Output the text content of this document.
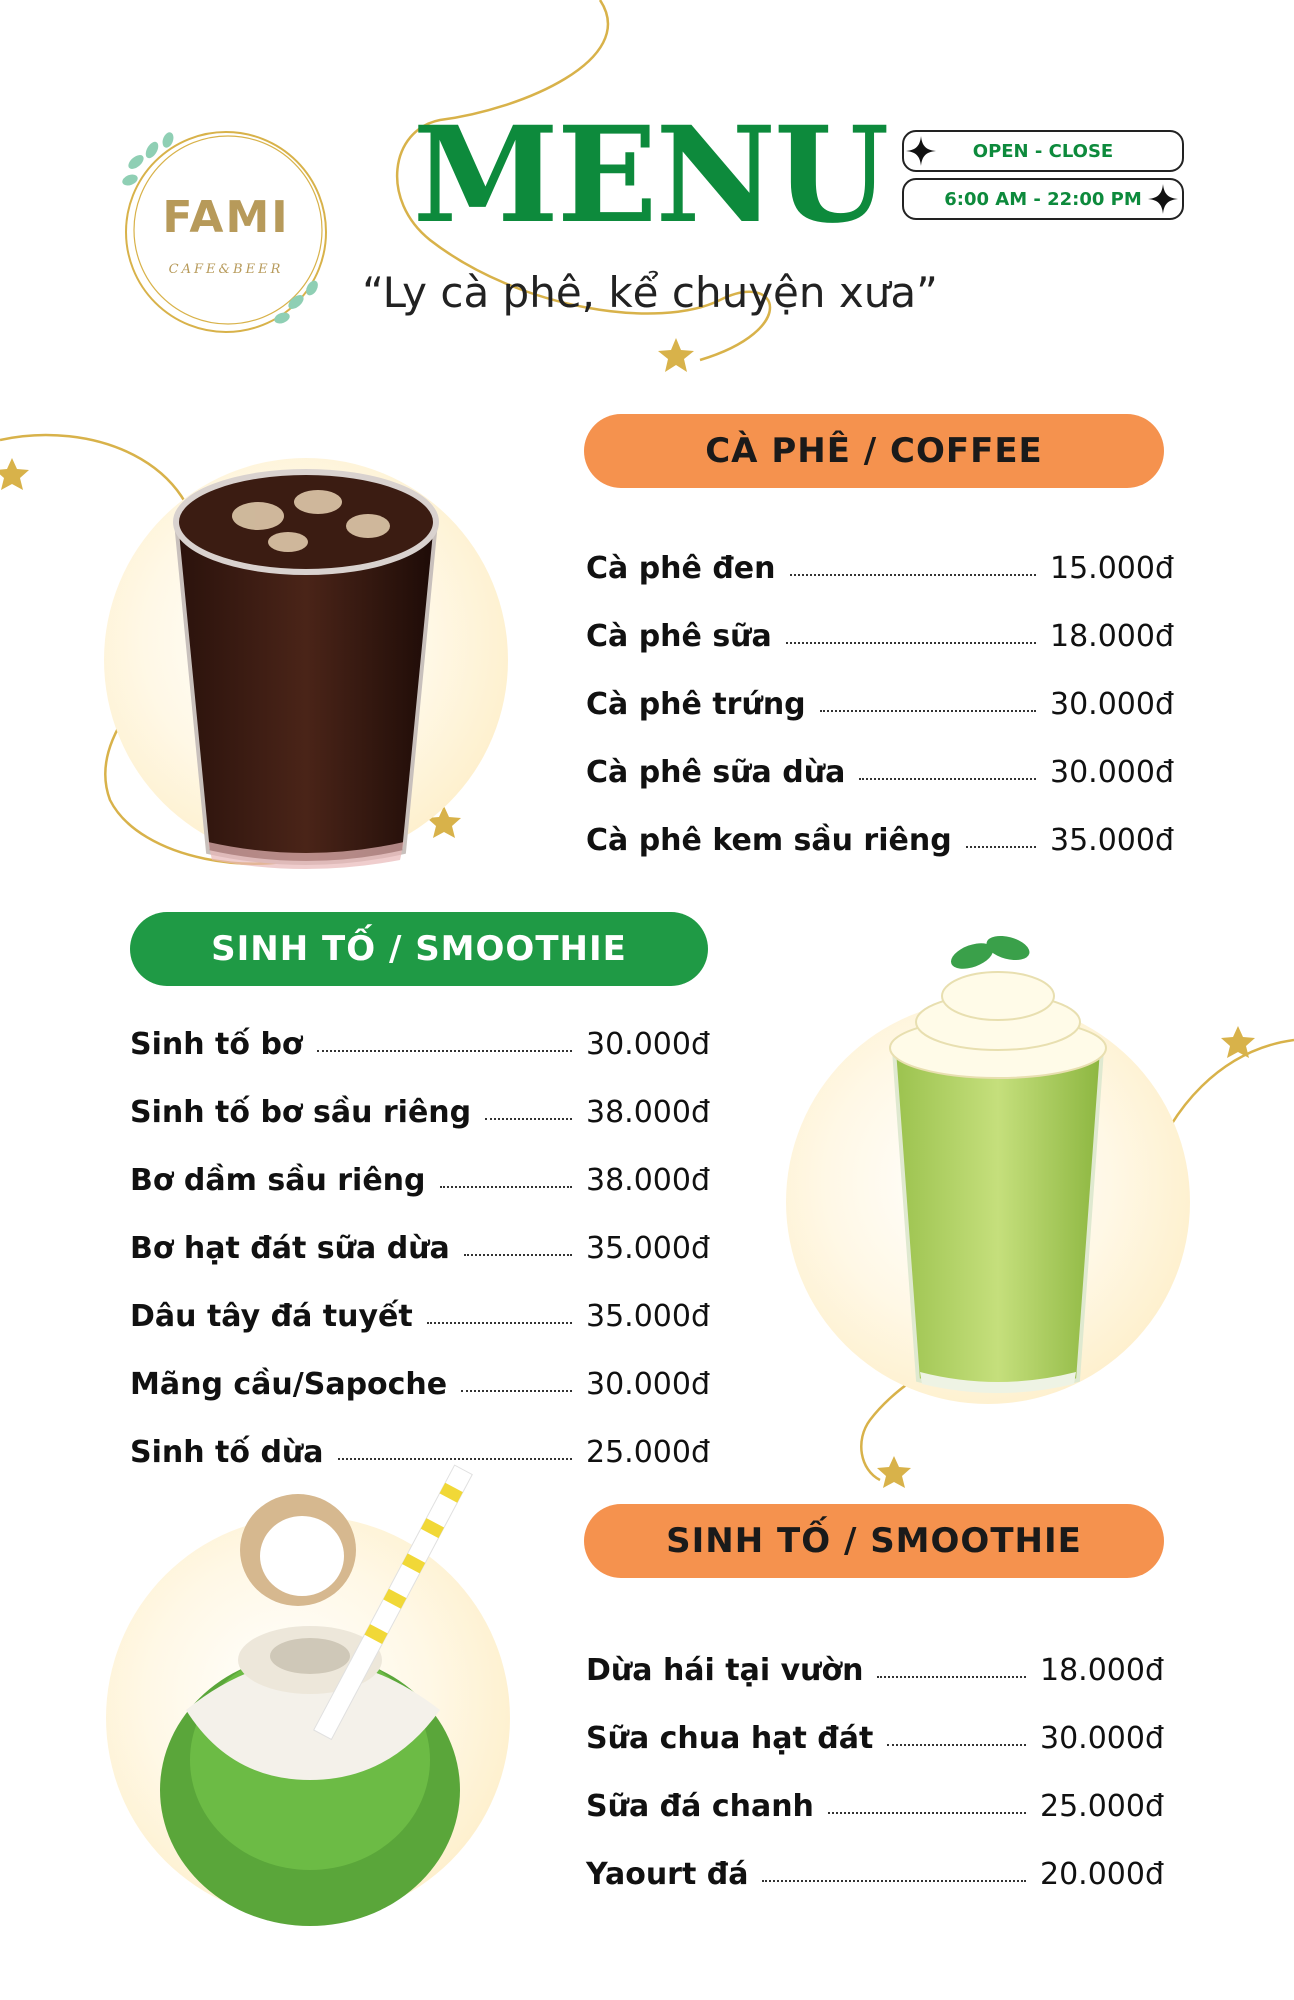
FAMI
CAFE&BEER
MENU
“Ly cà phê, kể chuyện xưa”
OPEN - CLOSE
6:00 AM - 22:00 PM
CÀ PHÊ / COFFEE
Cà phê đen	15.000đ
Cà phê sữa	18.000đ
Cà phê trứng	30.000đ
Cà phê sữa dừa	30.000đ
Cà phê kem sầu riêng	35.000đ
SINH TỐ / SMOOTHIE
Sinh tố bơ	30.000đ
Sinh tố bơ sầu riêng	38.000đ
Bơ dầm sầu riêng	38.000đ
Bơ hạt đát sữa dừa	35.000đ
Dâu tây đá tuyết	35.000đ
Mãng cầu/Sapoche	30.000đ
Sinh tố dừa	25.000đ
SINH TỐ / SMOOTHIE
Dừa hái tại vườn	18.000đ
Sữa chua hạt đát	30.000đ
Sữa đá chanh	25.000đ
Yaourt đá	20.000đ
